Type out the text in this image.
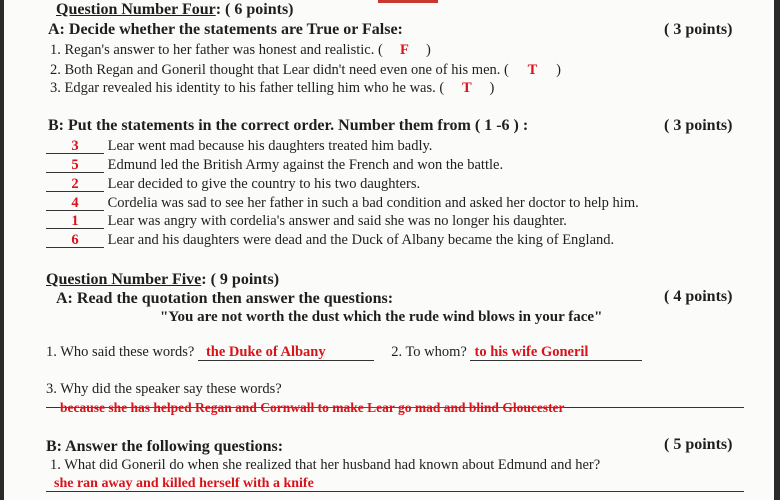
Question Number Four: ( 6 points)
A: Decide whether the statements are True or False:	( 3 points)
1. Regan's answer to her father was honest and realistic. ( F )
2. Both Regan and Goneril thought that Lear didn't need even one of his men. ( T )
3. Edgar revealed his identity to his father telling him who he was. ( T )
B: Put the statements in the correct order. Number them from ( 1 -6 ) :	( 3 points)
3 Lear went mad because his daughters treated him badly.
5 Edmund led the British Army against the French and won the battle.
2 Lear decided to give the country to his two daughters.
4 Cordelia was sad to see her father in such a bad condition and asked her doctor to help him.
1 Lear was angry with cordelia's answer and said she was no longer his daughter.
6 Lear and his daughters were dead and the Duck of Albany became the king of England.
Question Number Five: ( 9 points)
A: Read the quotation then answer the questions:	( 4 points)
"You are not worth the dust which the rude wind blows in your face"
1. Who said these words? the Duke of Albany	2. To whom? to his wife Goneril
3. Why did the speaker say these words?
because she has helped Regan and Cornwall to make Lear go mad and blind Gloucester
B: Answer the following questions:	( 5 points)
1. What did Goneril do when she realized that her husband had known about Edmund and her?
she ran away and killed herself with a knife
